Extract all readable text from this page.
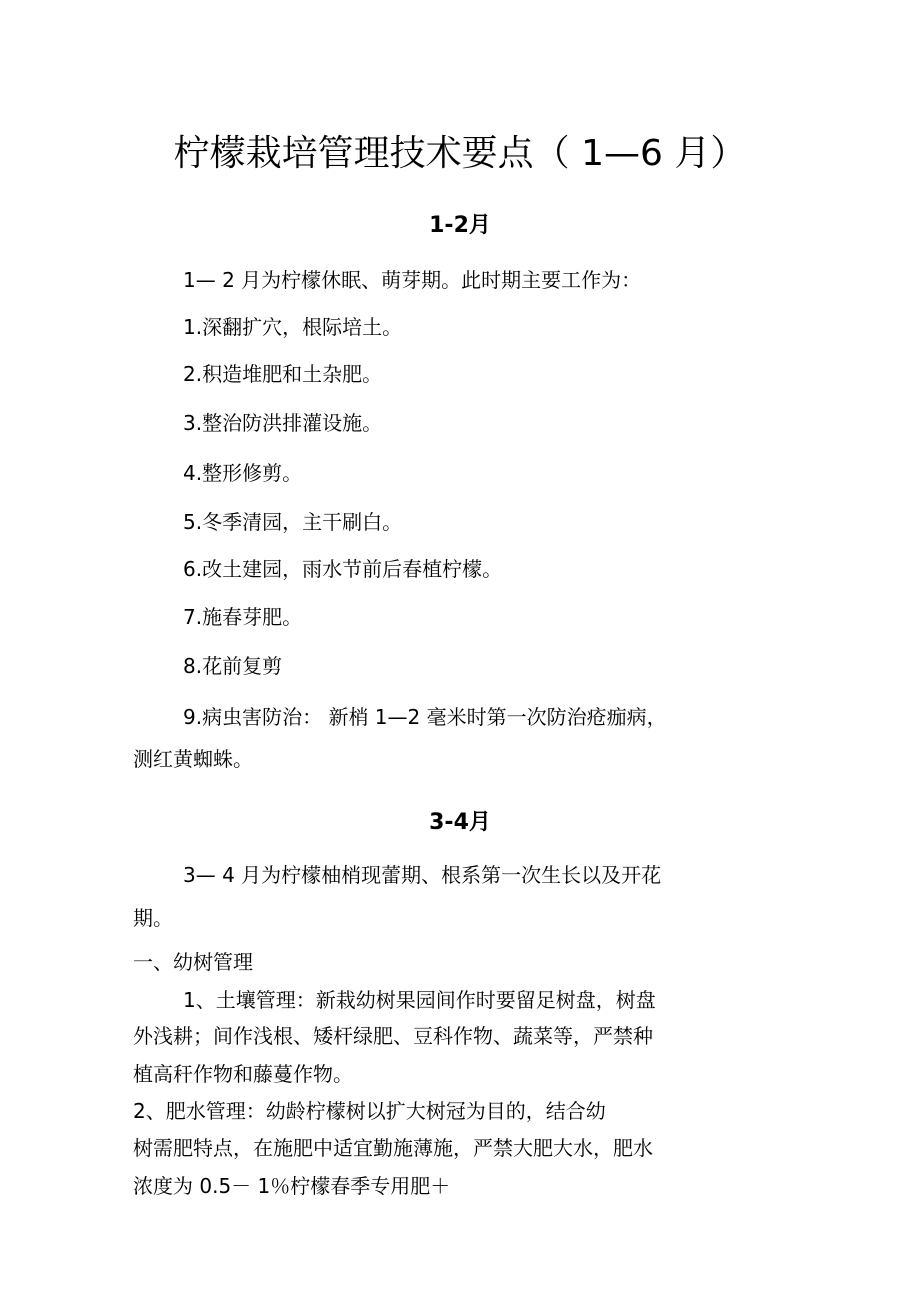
柠檬栽培管理技术要点（ 1—6 月）
1-2月
1— 2 月为柠檬休眠、萌芽期。此时期主要工作为：
1.深翻扩穴，根际培土。
2.积造堆肥和土杂肥。
3.整治防洪排灌设施。
4.整形修剪。
5.冬季清园，主干刷白。
6.改土建园，雨水节前后春植柠檬。
7.施春芽肥。
8.花前复剪
9.病虫害防治： 新梢 1—2 毫米时第一次防治疮痂病，
测红黄蜘蛛。
3-4月
3— 4 月为柠檬柚梢现蕾期、根系第一次生长以及开花
期。
一、幼树管理
1、土壤管理：新栽幼树果园间作时要留足树盘，树盘
外浅耕；间作浅根、矮杆绿肥、豆科作物、蔬菜等，严禁种
植高秆作物和藤蔓作物。
2、肥水管理：幼龄柠檬树以扩大树冠为目的，结合幼
树需肥特点，在施肥中适宜勤施薄施，严禁大肥大水，肥水
浓度为 0.5－ 1％柠檬春季专用肥＋
